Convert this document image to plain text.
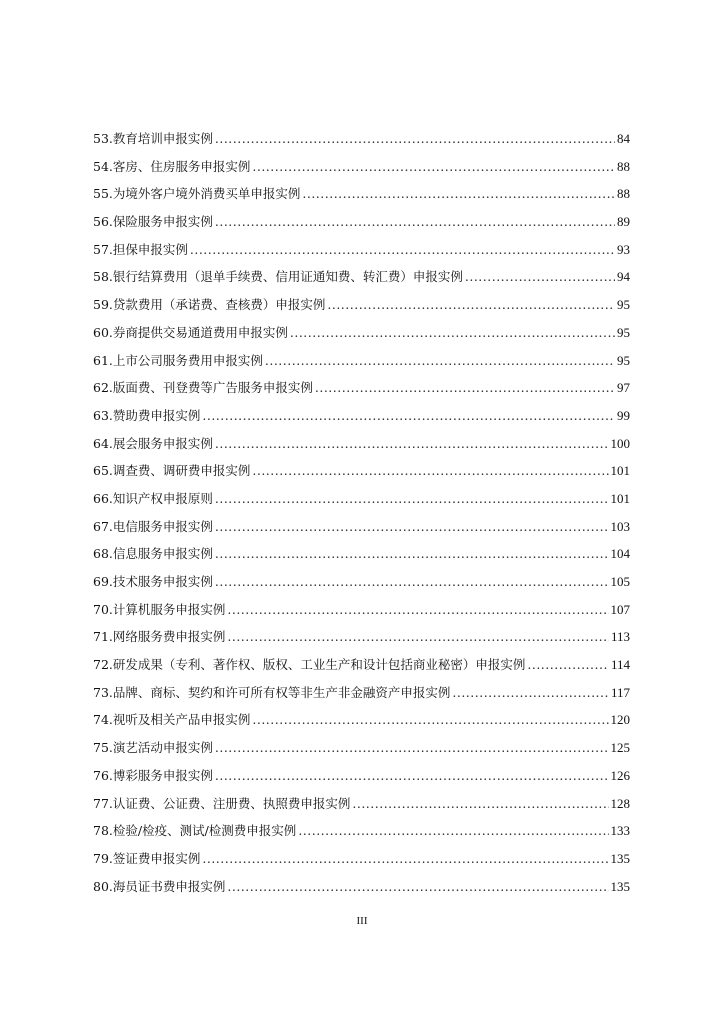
53.教育培训申报实例 .....	84
54.客房、住房服务申报实例 .....	88
55.为境外客户境外消费买单申报实例 .....	88
56.保险服务申报实例 .....	89
57.担保申报实例 .....	93
58.银行结算费用（退单手续费、信用证通知费、转汇费）申报实例 .....	94
59.贷款费用（承诺费、查核费）申报实例 .....	95
60.券商提供交易通道费用申报实例 .....	95
61.上市公司服务费用申报实例 .....	95
62.版面费、刊登费等广告服务申报实例 .....	97
63.赞助费申报实例 .....	99
64.展会服务申报实例 .....	100
65.调查费、调研费申报实例 .....	101
66.知识产权申报原则 .....	101
67.电信服务申报实例 .....	103
68.信息服务申报实例 .....	104
69.技术服务申报实例 .....	105
70.计算机服务申报实例 .....	107
71.网络服务费申报实例 .....	113
72.研发成果（专利、著作权、版权、工业生产和设计包括商业秘密）申报实例 .....	114
73.品牌、商标、契约和许可所有权等非生产非金融资产申报实例 .....	117
74.视听及相关产品申报实例 .....	120
75.演艺活动申报实例 .....	125
76.博彩服务申报实例 .....	126
77.认证费、公证费、注册费、执照费申报实例 .....	128
78.检验/检疫、测试/检测费申报实例 .....	133
79.签证费申报实例 .....	135
80.海员证书费申报实例 .....	135
III
